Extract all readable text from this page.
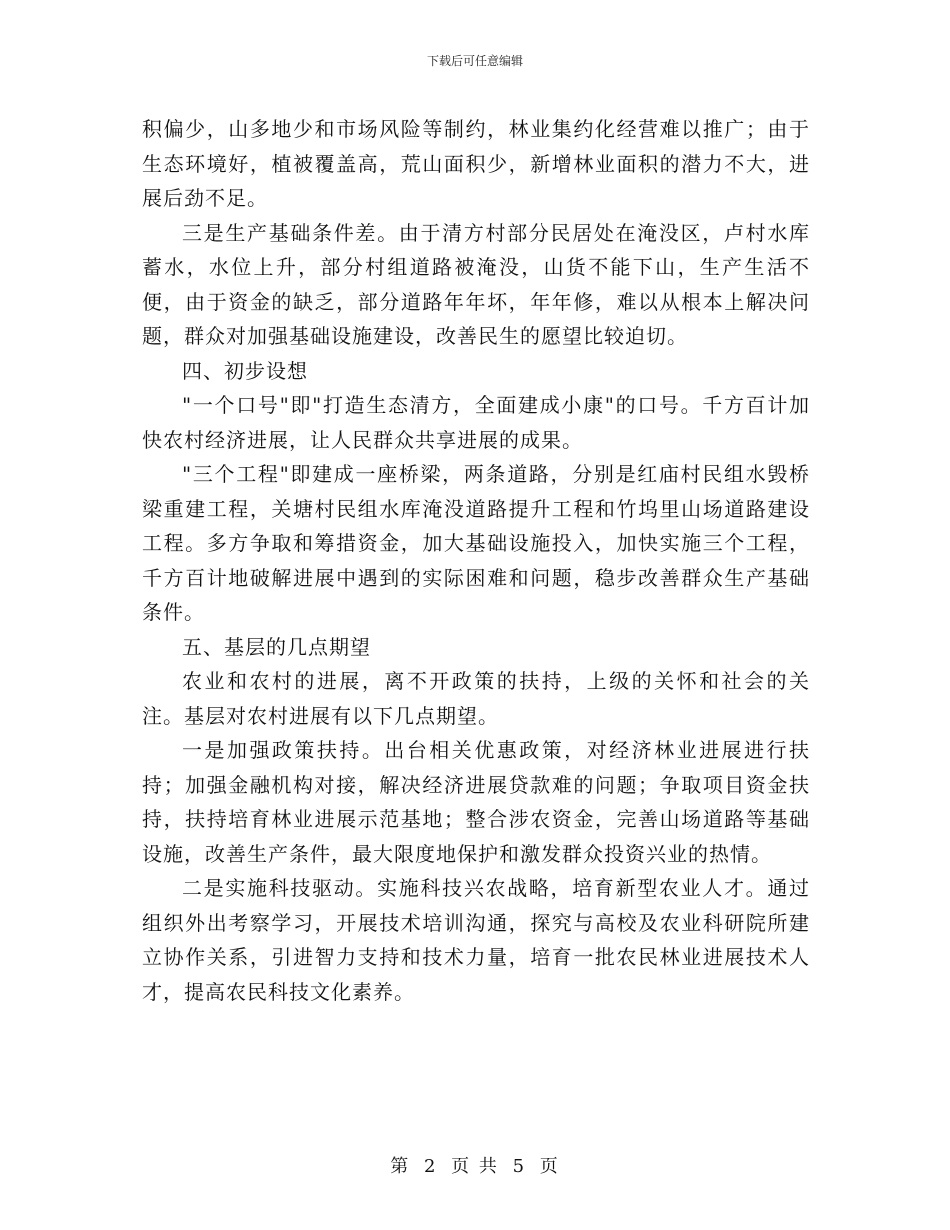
下载后可任意编辑

积偏少，山多地少和市场风险等制约，林业集约化经营难以推广；由于生态环境好，植被覆盖高，荒山面积少，新增林业面积的潜力不大，进展后劲不足。

三是生产基础条件差。由于清方村部分民居处在淹没区，卢村水库蓄水，水位上升，部分村组道路被淹没，山货不能下山，生产生活不便，由于资金的缺乏，部分道路年年坏，年年修，难以从根本上解决问题，群众对加强基础设施建设，改善民生的愿望比较迫切。

四、初步设想

"一个口号"即"打造生态清方，全面建成小康"的口号。千方百计加快农村经济进展，让人民群众共享进展的成果。

"三个工程"即建成一座桥梁，两条道路，分别是红庙村民组水毁桥梁重建工程，关塘村民组水库淹没道路提升工程和竹坞里山场道路建设工程。多方争取和筹措资金，加大基础设施投入，加快实施三个工程，千方百计地破解进展中遇到的实际困难和问题，稳步改善群众生产基础条件。

五、基层的几点期望

农业和农村的进展，离不开政策的扶持，上级的关怀和社会的关注。基层对农村进展有以下几点期望。

一是加强政策扶持。出台相关优惠政策，对经济林业进展进行扶持；加强金融机构对接，解决经济进展贷款难的问题；争取项目资金扶持，扶持培育林业进展示范基地；整合涉农资金，完善山场道路等基础设施，改善生产条件，最大限度地保护和激发群众投资兴业的热情。

二是实施科技驱动。实施科技兴农战略，培育新型农业人才。通过组织外出考察学习，开展技术培训沟通，探究与高校及农业科研院所建立协作关系，引进智力支持和技术力量，培育一批农民林业进展技术人才，提高农民科技文化素养。

第 2 页 共 5 页
